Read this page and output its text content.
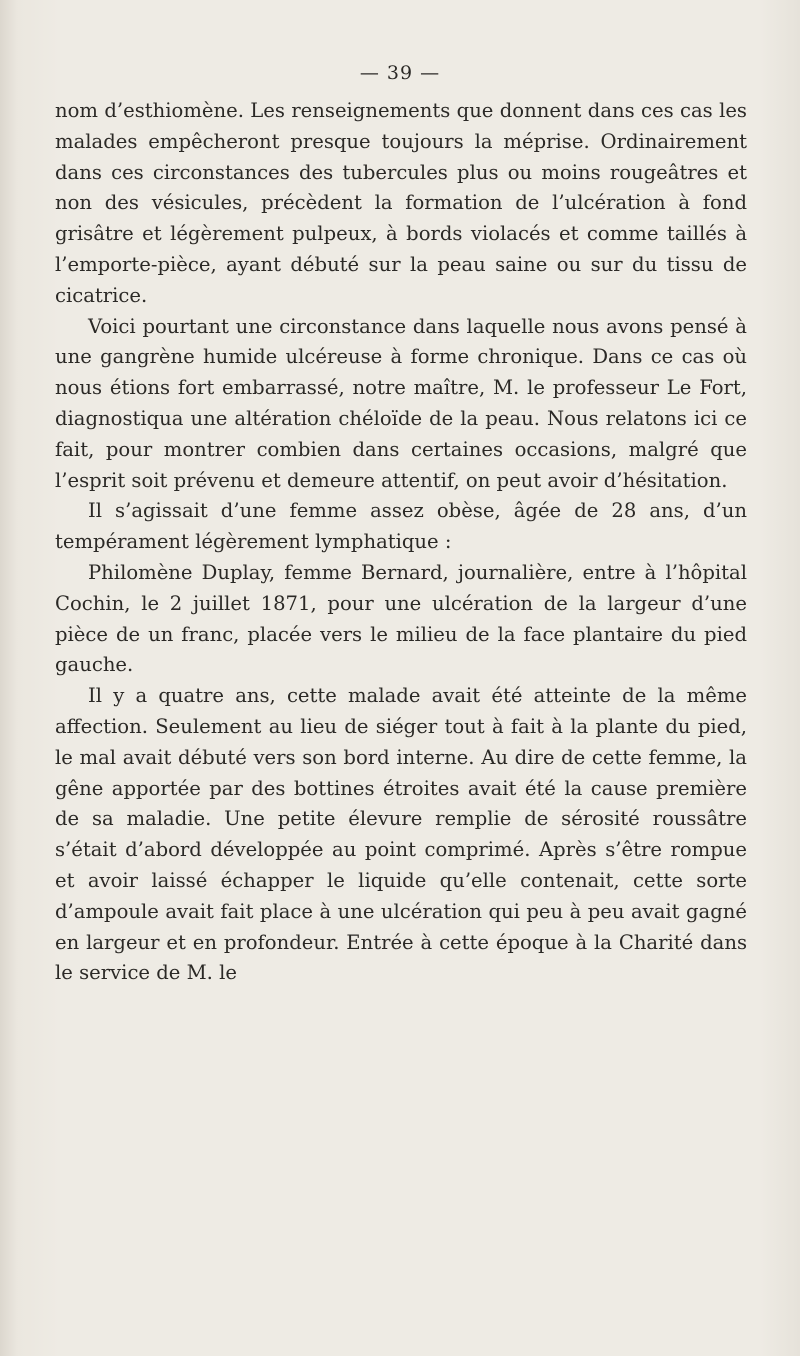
— 39 —

nom d’esthiomène. Les renseignements que donnent dans ces cas les malades empêcheront presque toujours la méprise. Ordinairement dans ces circonstances des tubercules plus ou moins rougeâtres et non des vésicules, précèdent la formation de l’ulcération à fond grisâtre et légèrement pulpeux, à bords violacés et comme taillés à l’emporte-pièce, ayant débuté sur la peau saine ou sur du tissu de cicatrice.

Voici pourtant une circonstance dans laquelle nous avons pensé à une gangrène humide ulcéreuse à forme chronique. Dans ce cas où nous étions fort embarrassé, notre maître, M. le professeur Le Fort, diagnostiqua une altération chéloïde de la peau. Nous relatons ici ce fait, pour montrer combien dans certaines occasions, malgré que l’esprit soit prévenu et demeure attentif, on peut avoir d’hésitation.

Il s’agissait d’une femme assez obèse, âgée de 28 ans, d’un tempérament légèrement lymphatique :

Philomène Duplay, femme Bernard, journalière, entre à l’hôpital Cochin, le 2 juillet 1871, pour une ulcération de la largeur d’une pièce de un franc, placée vers le milieu de la face plantaire du pied gauche.

Il y a quatre ans, cette malade avait été atteinte de la même affection. Seulement au lieu de siéger tout à fait à la plante du pied, le mal avait débuté vers son bord interne. Au dire de cette femme, la gêne apportée par des bottines étroites avait été la cause première de sa maladie. Une petite élevure remplie de sérosité roussâtre s’était d’abord développée au point comprimé. Après s’être rompue et avoir laissé échapper le liquide qu’elle contenait, cette sorte d’ampoule avait fait place à une ulcération qui peu à peu avait gagné en largeur et en profondeur. Entrée à cette époque à la Charité dans le service de M. le
